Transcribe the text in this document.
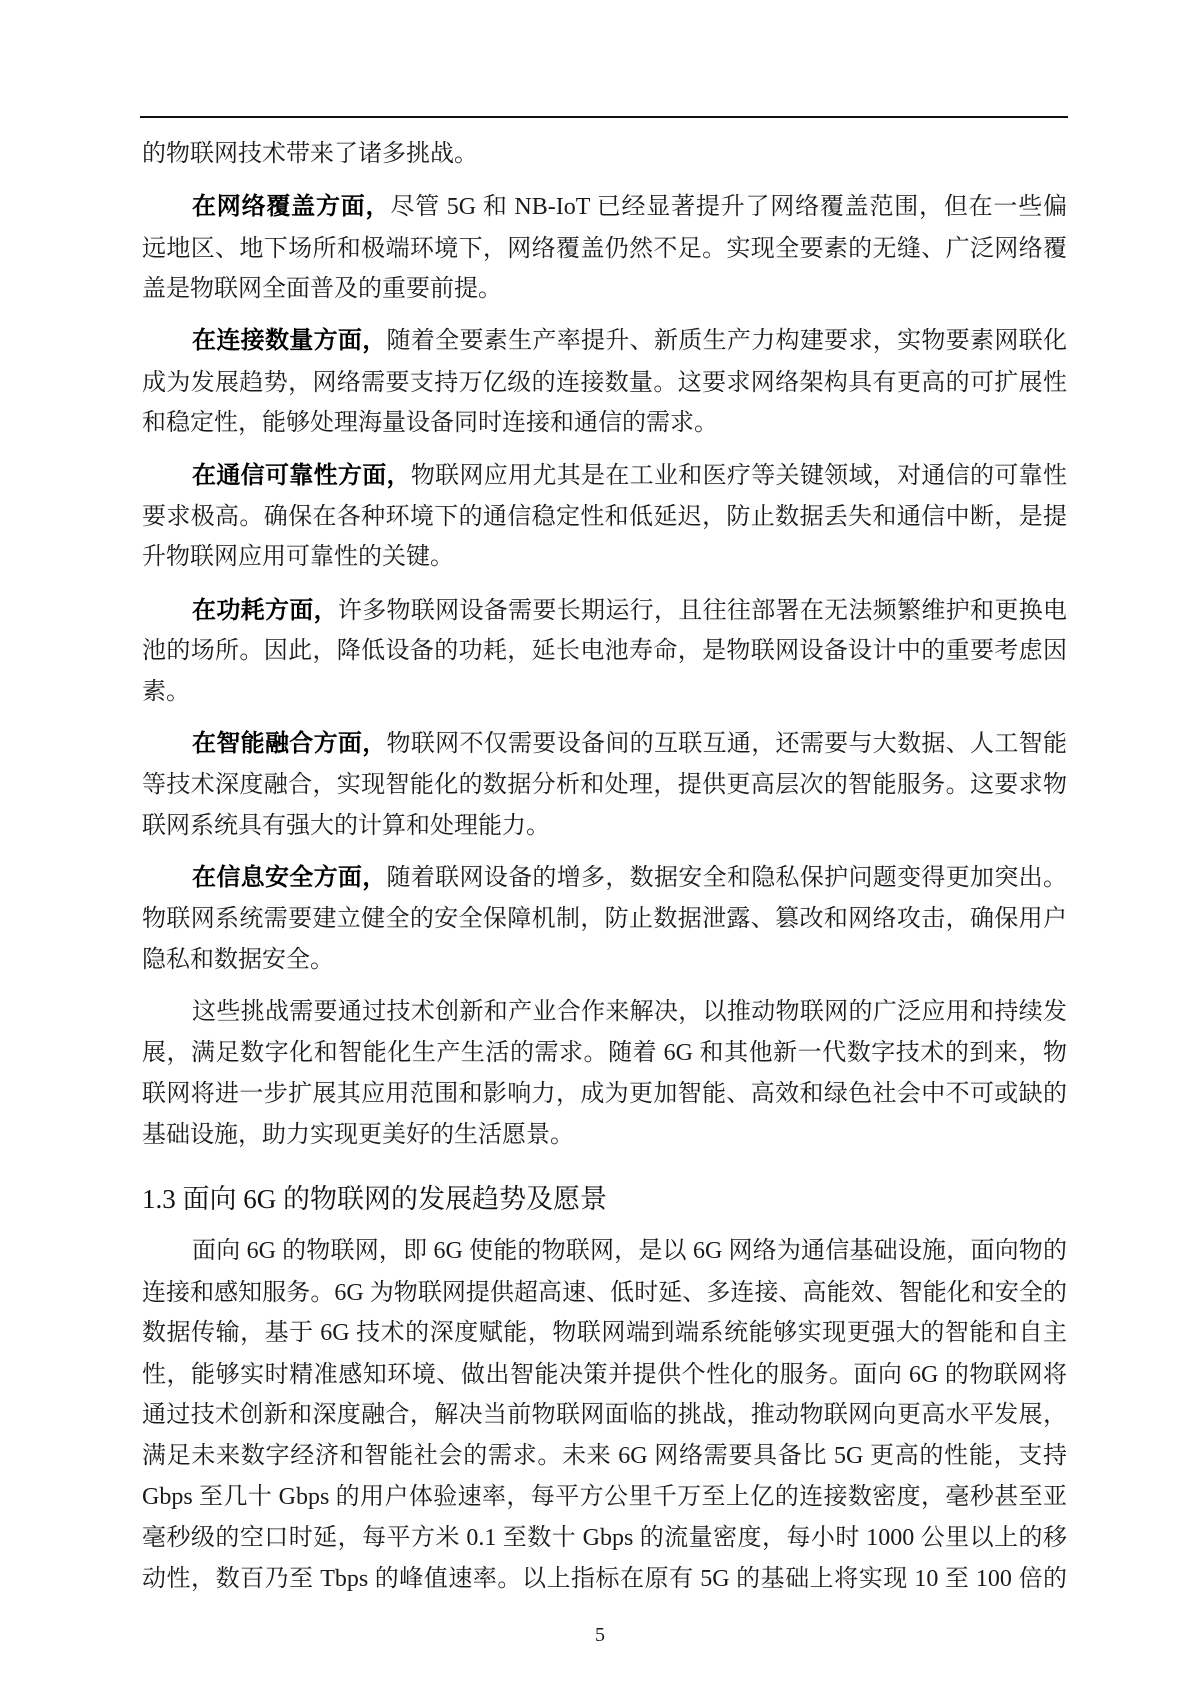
的物联网技术带来了诸多挑战。
在网络覆盖方面，尽管 5G 和 NB-IoT 已经显著提升了网络覆盖范围，但在一些偏
远地区、地下场所和极端环境下，网络覆盖仍然不足。实现全要素的无缝、广泛网络覆
盖是物联网全面普及的重要前提。
在连接数量方面，随着全要素生产率提升、新质生产力构建要求，实物要素网联化
成为发展趋势，网络需要支持万亿级的连接数量。这要求网络架构具有更高的可扩展性
和稳定性，能够处理海量设备同时连接和通信的需求。
在通信可靠性方面，物联网应用尤其是在工业和医疗等关键领域，对通信的可靠性
要求极高。确保在各种环境下的通信稳定性和低延迟，防止数据丢失和通信中断，是提
升物联网应用可靠性的关键。
在功耗方面，许多物联网设备需要长期运行，且往往部署在无法频繁维护和更换电
池的场所。因此，降低设备的功耗，延长电池寿命，是物联网设备设计中的重要考虑因
素。
在智能融合方面，物联网不仅需要设备间的互联互通，还需要与大数据、人工智能
等技术深度融合，实现智能化的数据分析和处理，提供更高层次的智能服务。这要求物
联网系统具有强大的计算和处理能力。
在信息安全方面，随着联网设备的增多，数据安全和隐私保护问题变得更加突出。
物联网系统需要建立健全的安全保障机制，防止数据泄露、篡改和网络攻击，确保用户
隐私和数据安全。
这些挑战需要通过技术创新和产业合作来解决，以推动物联网的广泛应用和持续发
展，满足数字化和智能化生产生活的需求。随着 6G 和其他新一代数字技术的到来，物
联网将进一步扩展其应用范围和影响力，成为更加智能、高效和绿色社会中不可或缺的
基础设施，助力实现更美好的生活愿景。
面向 6G 的物联网，即 6G 使能的物联网，是以 6G 网络为通信基础设施，面向物的
连接和感知服务。6G 为物联网提供超高速、低时延、多连接、高能效、智能化和安全的
数据传输，基于 6G 技术的深度赋能，物联网端到端系统能够实现更强大的智能和自主
性，能够实时精准感知环境、做出智能决策并提供个性化的服务。面向 6G 的物联网将
通过技术创新和深度融合，解决当前物联网面临的挑战，推动物联网向更高水平发展，
满足未来数字经济和智能社会的需求。未来 6G 网络需要具备比 5G 更高的性能，支持
Gbps 至几十 Gbps 的用户体验速率，每平方公里千万至上亿的连接数密度，毫秒甚至亚
毫秒级的空口时延，每平方米 0.1 至数十 Gbps 的流量密度，每小时 1000 公里以上的移
动性，数百乃至 Tbps 的峰值速率。以上指标在原有 5G 的基础上将实现 10 至 100 倍的
1.3 面向 6G 的物联网的发展趋势及愿景
5
